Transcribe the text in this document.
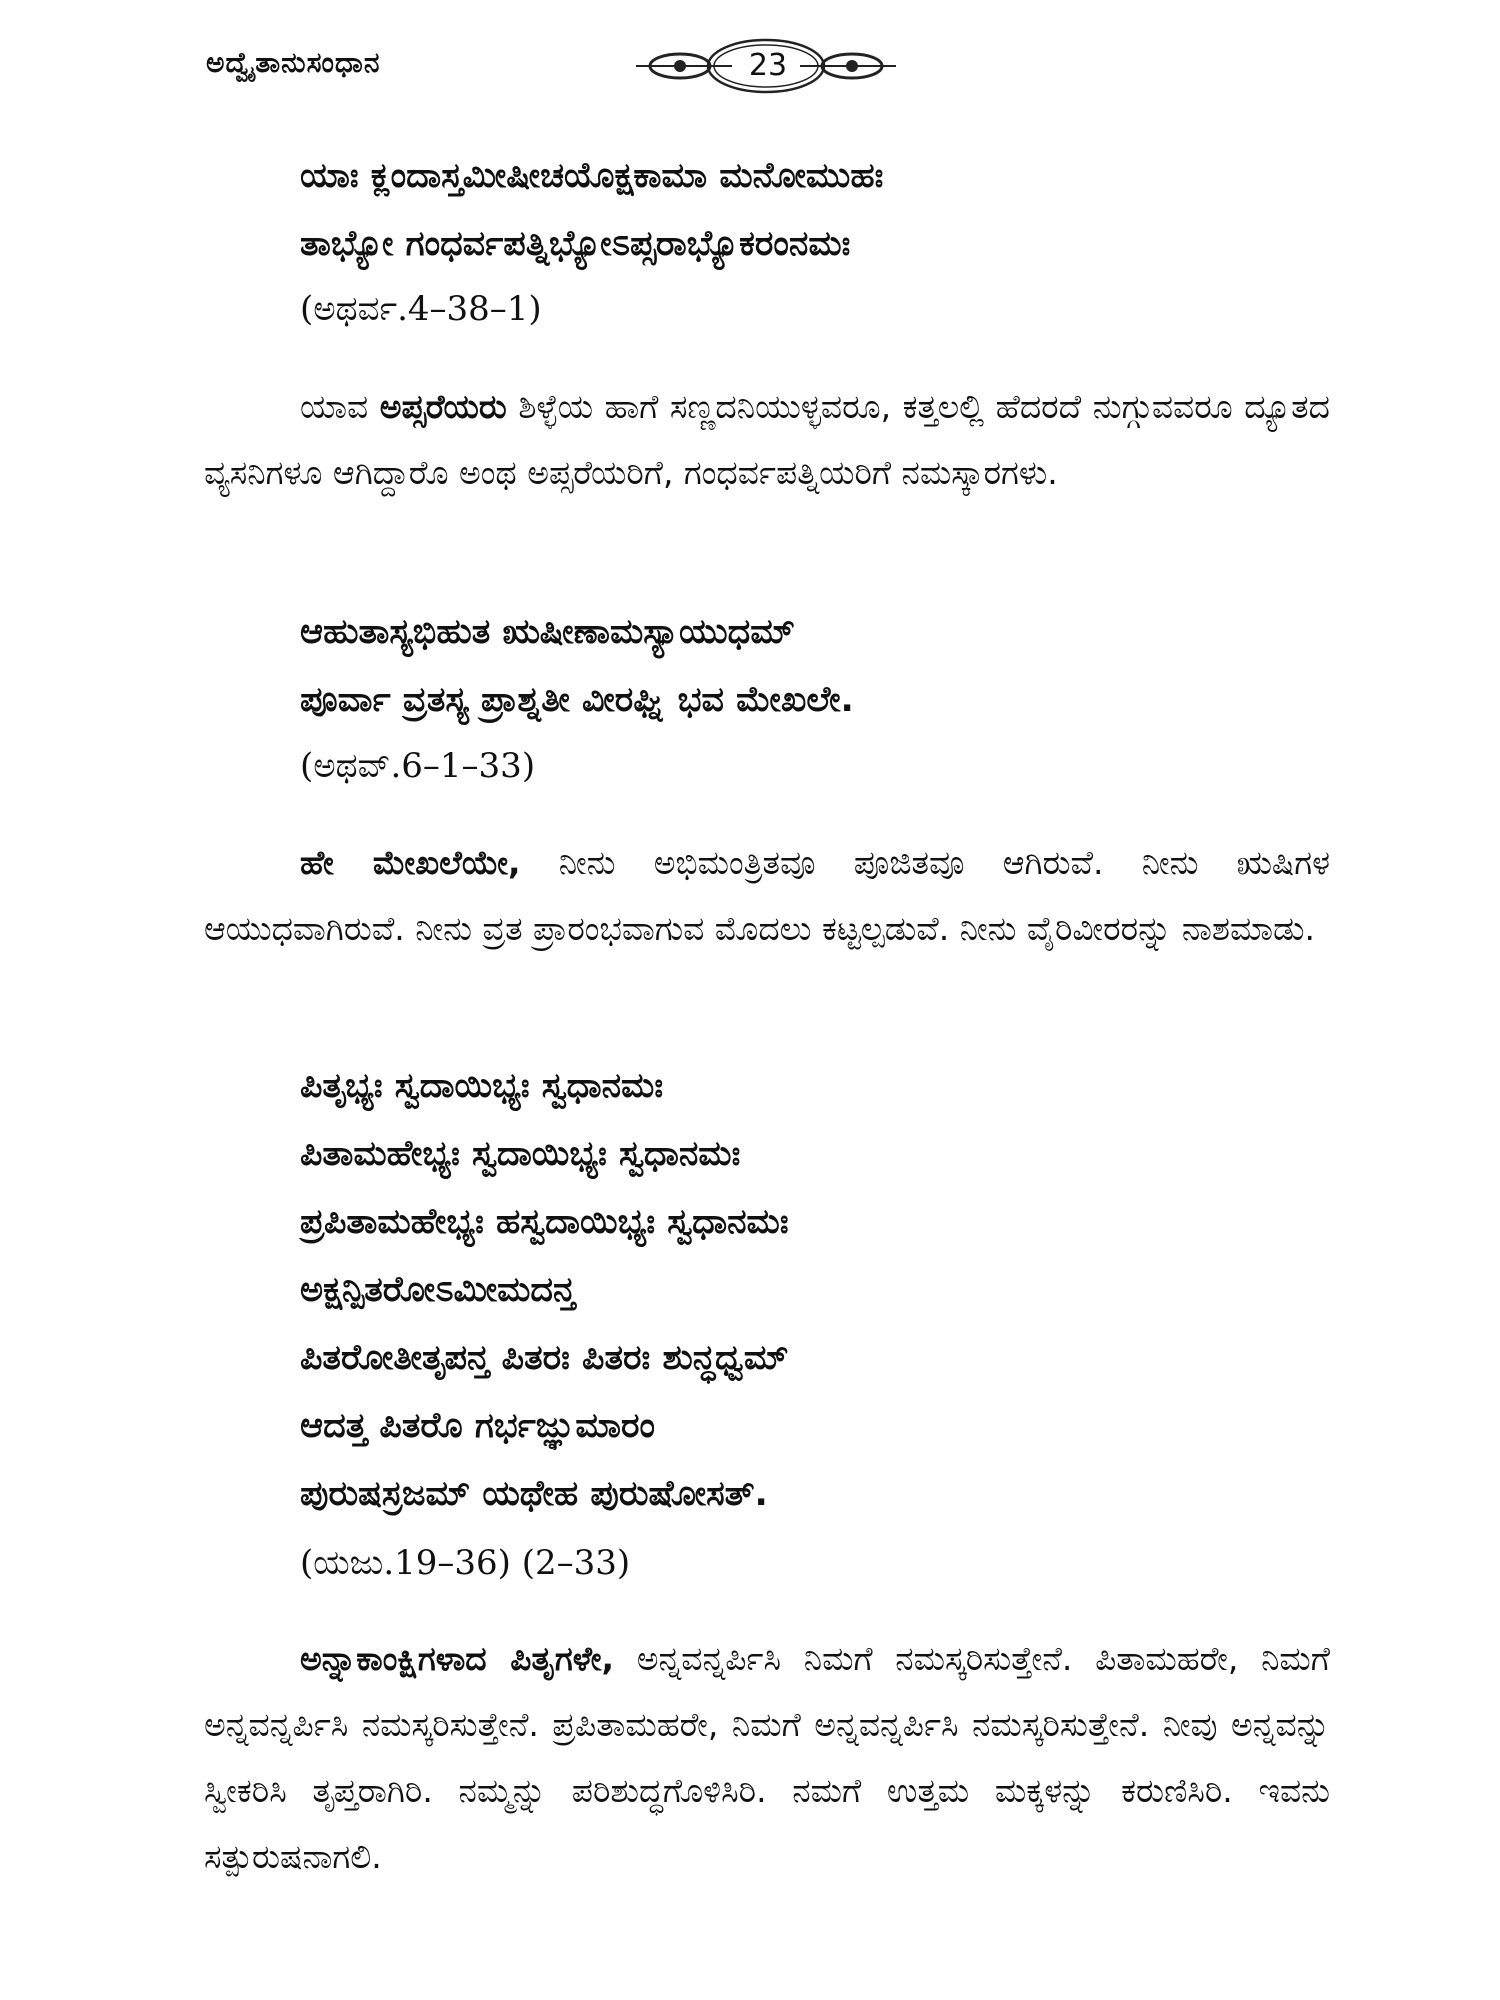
ಅದ್ವೈತಾನುಸಂಧಾನ	23
ಯಾಃ ಕ್ಲಂದಾಸ್ತಮೀಷೀಚಯೊಕ್ಷಕಾಮಾ ಮನೋಮುಹಃ
ತಾಭ್ಯೋ ಗಂಧರ್ವಪತ್ನಿಭ್ಯೋಽಪ್ಸರಾಭ್ಯೊಕರಂನಮಃ
(ಅಥರ್ವ.4–38–1)
ಯಾವ ಅಪ್ಸರೆಯರು ಶಿಳ್ಳೆಯ ಹಾಗೆ ಸಣ್ಣದನಿಯುಳ್ಳವರೂ, ಕತ್ತಲಲ್ಲಿ ಹೆದರದೆ ನುಗ್ಗುವವರೂ ದ್ಯೂತದ ವ್ಯಸನಿಗಳೂ ಆಗಿದ್ದಾರೊ ಅಂಥ ಅಪ್ಸರೆಯರಿಗೆ, ಗಂಧರ್ವಪತ್ನಿಯರಿಗೆ ನಮಸ್ಕಾರಗಳು.
ಆಹುತಾಸ್ಯಭಿಹುತ ಋಷೀಣಾಮಸ್ಯಾಯುಧಮ್
ಪೂರ್ವಾ ವ್ರತಸ್ಯ ಪ್ರಾಶ್ನತೀ ವೀರಘ್ನಿ ಭವ ಮೇಖಲೇ.
(ಅಥವ್.6–1–33)
ಹೇ ಮೇಖಲೆಯೇ, ನೀನು ಅಭಿಮಂತ್ರಿತವೂ ಪೂಜಿತವೂ ಆಗಿರುವೆ. ನೀನು ಋಷಿಗಳ ಆಯುಧವಾಗಿರುವೆ. ನೀನು ವ್ರತ ಪ್ರಾರಂಭವಾಗುವ ಮೊದಲು ಕಟ್ಟಲ್ಪಡುವೆ. ನೀನು ವೈರಿವೀರರನ್ನು ನಾಶಮಾಡು.
ಪಿತೃಭ್ಯಃ ಸ್ವದಾಯಿಭ್ಯಃ ಸ್ವಧಾನಮಃ
ಪಿತಾಮಹೇಭ್ಯಃ ಸ್ವದಾಯಿಭ್ಯಃ ಸ್ವಧಾನಮಃ
ಪ್ರಪಿತಾಮಹೇಭ್ಯಃ ಹಸ್ವದಾಯಿಭ್ಯಃ ಸ್ವಧಾನಮಃ
ಅಕ್ಷನ್ಪಿತರೋಽಮೀಮದನ್ತ
ಪಿತರೋತೀತೃಪನ್ತ ಪಿತರಃ ಪಿತರಃ ಶುನ್ಧಧ್ವಮ್
ಆದತ್ತ ಪಿತರೊ ಗರ್ಭಜ್ಞುಮಾರಂ
ಪುರುಷಸ್ರಜಮ್ ಯಥೇಹ ಪುರುಷೋಸತ್.
(ಯಜು.19–36) (2–33)
ಅನ್ನಾಕಾಂಕ್ಷಿಗಳಾದ ಪಿತೃಗಳೇ, ಅನ್ನವನ್ನರ್ಪಿಸಿ ನಿಮಗೆ ನಮಸ್ಕರಿಸುತ್ತೇನೆ. ಪಿತಾಮಹರೇ, ನಿಮಗೆ ಅನ್ನವನ್ನರ್ಪಿಸಿ ನಮಸ್ಕರಿಸುತ್ತೇನೆ. ಪ್ರಪಿತಾಮಹರೇ, ನಿಮಗೆ ಅನ್ನವನ್ನರ್ಪಿಸಿ ನಮಸ್ಕರಿಸುತ್ತೇನೆ. ನೀವು ಅನ್ನವನ್ನು ಸ್ವೀಕರಿಸಿ ತೃಪ್ತರಾಗಿರಿ. ನಮ್ಮನ್ನು ಪರಿಶುದ್ಧಗೊಳಿಸಿರಿ. ನಮಗೆ ಉತ್ತಮ ಮಕ್ಕಳನ್ನು ಕರುಣಿಸಿರಿ. ಇವನು ಸತ್ಪುರುಷನಾಗಲಿ.
